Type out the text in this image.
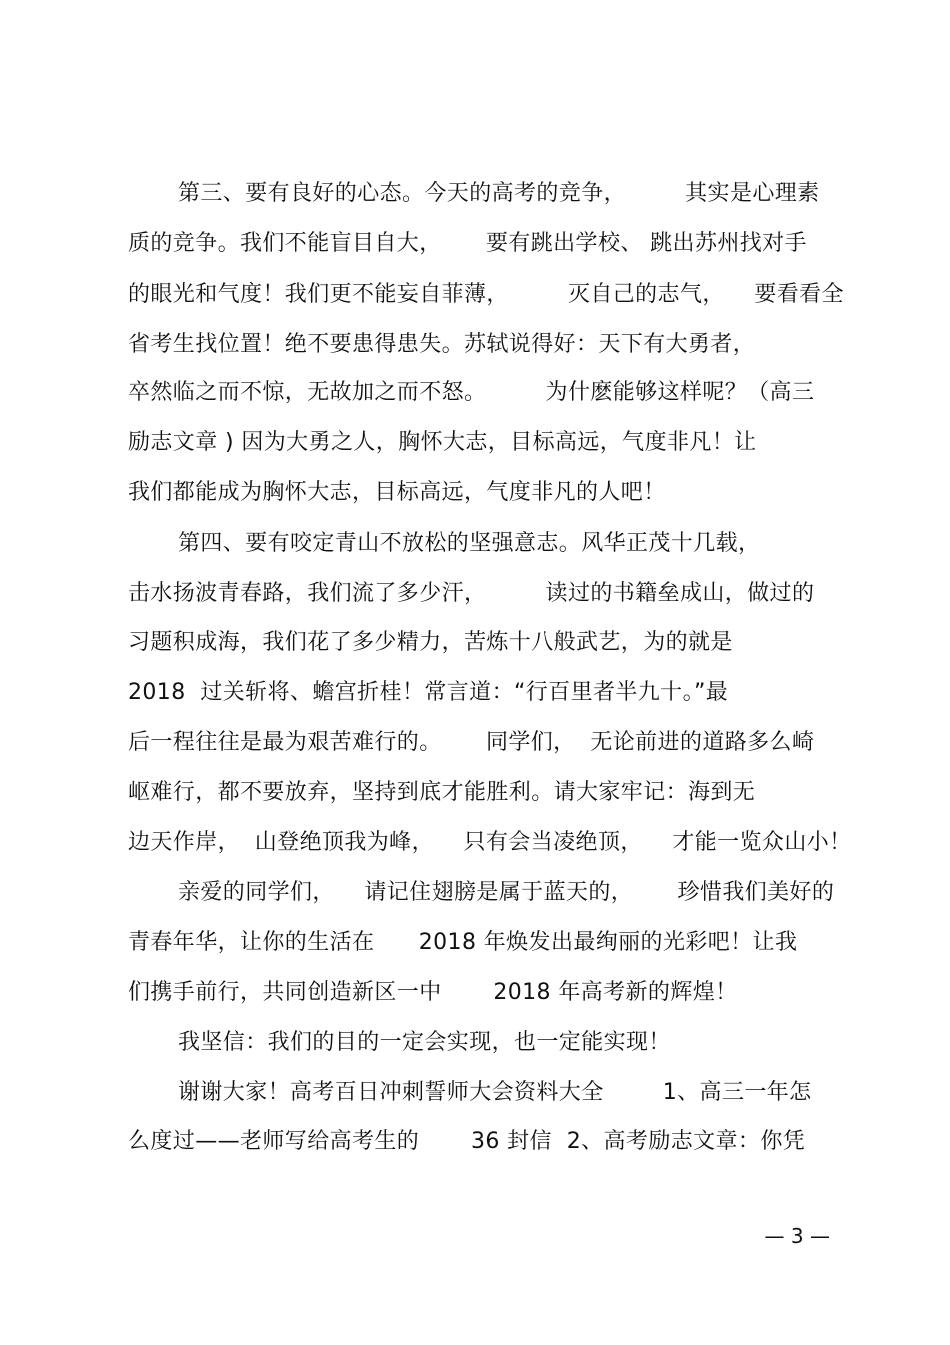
第三、要有良好的心态。今天的高考的竞争，        其实是心理素
质的竞争。我们不能盲目自大，      要有跳出学校、 跳出苏州找对手
的眼光和气度！我们更不能妄自菲薄，        灭自己的志气，    要看看全
省考生找位置！绝不要患得患失。苏轼说得好：天下有大勇者，
卒然临之而不惊，无故加之而不怒。        为什麽能够这样呢？（高三
励志文章 ) 因为大勇之人，胸怀大志，目标高远，气度非凡！让
我们都能成为胸怀大志，目标高远，气度非凡的人吧！
第四、要有咬定青山不放松的坚强意志。风华正茂十几载，
击水扬波青春路，我们流了多少汗，        读过的书籍垒成山，做过的
习题积成海，我们花了多少精力，苦炼十八般武艺，为的就是
2018  过关斩将、蟾宫折桂！常言道：“行百里者半九十。”最
后一程往往是最为艰苦难行的。      同学们，  无论前进的道路多么崎
岖难行，都不要放弃，坚持到底才能胜利。请大家牢记：海到无
边天作岸，  山登绝顶我为峰，    只有会当凌绝顶，    才能一览众山小！
亲爱的同学们，    请记住翅膀是属于蓝天的，      珍惜我们美好的
青春年华，让你的生活在      2018 年焕发出最绚丽的光彩吧！让我
们携手前行，共同创造新区一中       2018 年高考新的辉煌！
我坚信：我们的目的一定会实现，也一定能实现！
谢谢大家！高考百日冲刺誓师大会资料大全        1、高三一年怎
么度过——老师写给高考生的       36 封信  2、高考励志文章：你凭
— 3 —
